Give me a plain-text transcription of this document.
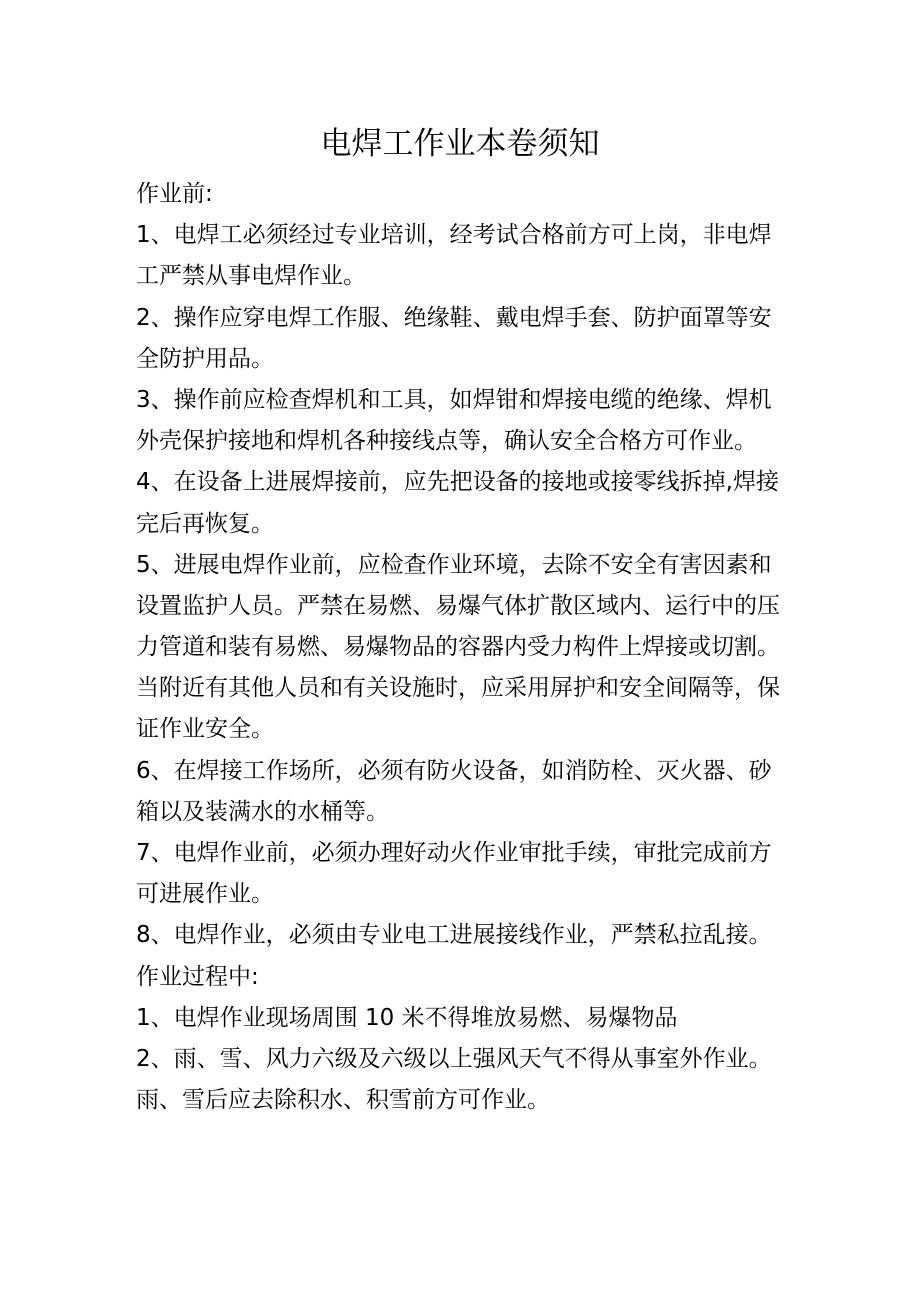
电焊工作业本卷须知
作业前:
1、电焊工必须经过专业培训，经考试合格前方可上岗，非电焊
工严禁从事电焊作业。
2、操作应穿电焊工作服、绝缘鞋、戴电焊手套、防护面罩等安
全防护用品。
3、操作前应检查焊机和工具，如焊钳和焊接电缆的绝缘、焊机
外壳保护接地和焊机各种接线点等，确认安全合格方可作业。
4、在设备上进展焊接前，应先把设备的接地或接零线拆掉,焊接
完后再恢复。
5、进展电焊作业前，应检查作业环境，去除不安全有害因素和
设置监护人员。严禁在易燃、易爆气体扩散区域内、运行中的压
力管道和装有易燃、易爆物品的容器内受力构件上焊接或切割。
当附近有其他人员和有关设施时，应采用屏护和安全间隔等，保
证作业安全。
6、在焊接工作场所，必须有防火设备，如消防栓、灭火器、砂
箱以及装满水的水桶等。
7、电焊作业前，必须办理好动火作业审批手续，审批完成前方
可进展作业。
8、电焊作业，必须由专业电工进展接线作业，严禁私拉乱接。
作业过程中:
1、电焊作业现场周围 10 米不得堆放易燃、易爆物品
2、雨、雪、风力六级及六级以上强风天气不得从事室外作业。
雨、雪后应去除积水、积雪前方可作业。
